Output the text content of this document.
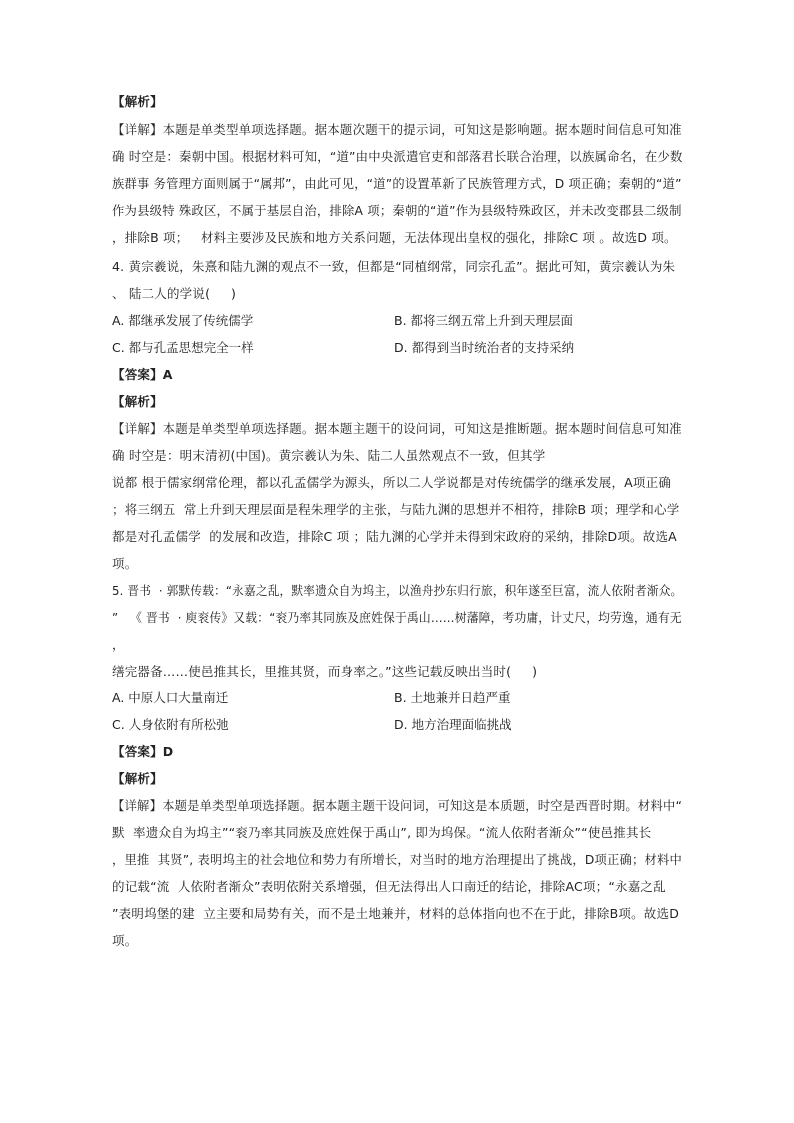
【解析】
【详解】本题是单类型单项选择题。据本题次题干的提示词，可知这是影响题。据本题时间信息可知准
确 时空是：秦朝中国。根据材料可知，“道”由中央派遣官吏和部落君长联合治理，以族属命名，在少数
族群事 务管理方面则属于“属邦”，由此可见，“道”的设置革新了民族管理方式，D 项正确；秦朝的“道”
作为县级特 殊政区，不属于基层自治，排除A 项；秦朝的“道”作为县级特殊政区，并未改变郡县二级制
，排除B 项；   材料主要涉及民族和地方关系问题，无法体现出皇权的强化，排除C 项 。故选D 项。
4. 黄宗羲说，朱熹和陆九渊的观点不一致，但都是“同植纲常，同宗孔孟”。据此可知，黄宗羲认为朱
、 陆二人的学说(     )
A. 都继承发展了传统儒学	B. 都将三纲五常上升到天理层面
C. 都与孔孟思想完全一样	D. 都得到当时统治者的支持采纳
【答案】A
【解析】
【详解】本题是单类型单项选择题。据本题主题干的设问词，可知这是推断题。据本题时间信息可知准
确 时空是：明末清初(中国)。黄宗羲认为朱、陆二人虽然观点不一致，但其学
说都 根于儒家纲常伦理，都以孔孟儒学为源头，所以二人学说都是对传统儒学的继承发展，A项正确
；将三纲五  常上升到天理层面是程朱理学的主张，与陆九渊的思想并不相符，排除B 项；理学和心学
都是对孔孟儒学  的发展和改造，排除C 项 ；陆九渊的心学并未得到宋政府的采纳，排除D项。故选A
项。
5. 晋书  · 郭默传载：“永嘉之乱，默率遗众自为坞主，以渔舟抄东归行旅，积年遂至巨富，流人依附者渐众。
”   《 晋书  · 庾衮传》又载：“衮乃率其同族及庶姓保于禹山……树藩障，考功庸，计丈尺，均劳逸，通有无
，
缮完器备……使邑推其长，里推其贤，而身率之。”这些记载反映出当时(     )
A. 中原人口大量南迁	B. 土地兼并日趋严重
C. 人身依附有所松弛	D. 地方治理面临挑战
【答案】D
【解析】
【详解】本题是单类型单项选择题。据本题主题干设问词，可知这是本质题，时空是西晋时期。材料中“
默  率遗众自为坞主”“衮乃率其同族及庶姓保于禹山”, 即为坞保。“流人依附者渐众”“使邑推其长
，里推  其贤”, 表明坞主的社会地位和势力有所增长，对当时的地方治理提出了挑战，D项正确；材料中
的记载“流  人依附者渐众”表明依附关系增强，但无法得出人口南迁的结论，排除AC项；“永嘉之乱
”表明坞堡的建  立主要和局势有关，而不是土地兼并，材料的总体指向也不在于此，排除B项。故选D
项。
